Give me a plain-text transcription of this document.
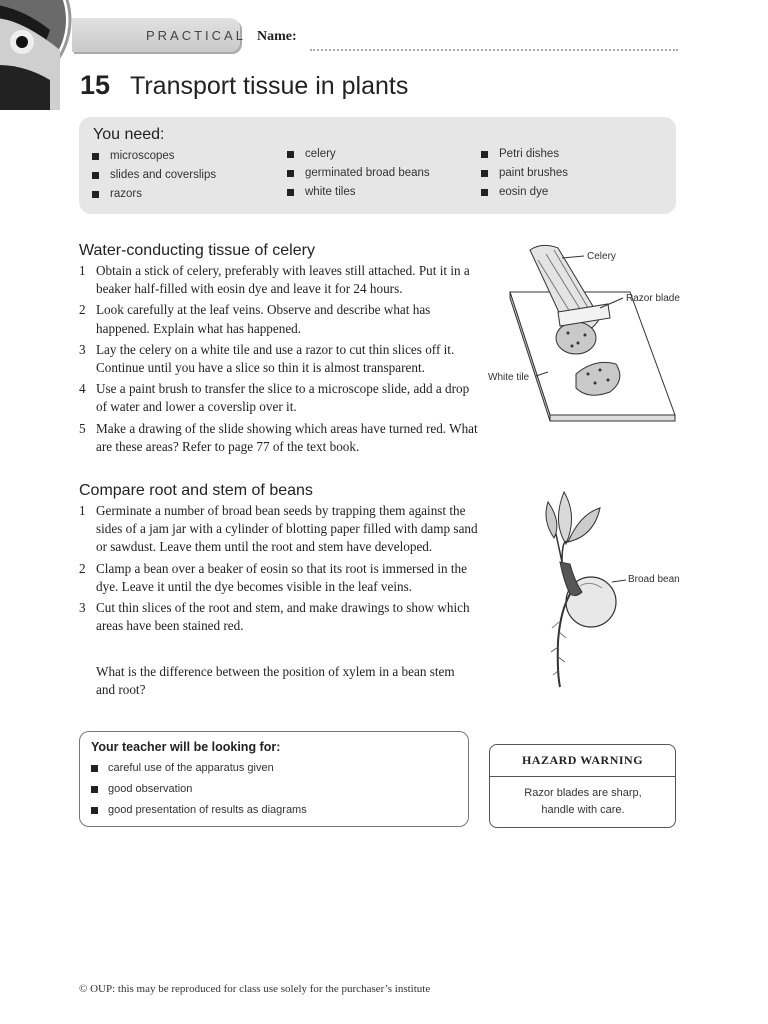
PRACTICAL Name:
15 Transport tissue in plants
You need:
microscopes
slides and coverslips
razors
celery
germinated broad beans
white tiles
Petri dishes
paint brushes
eosin dye
Water-conducting tissue of celery
1 Obtain a stick of celery, preferably with leaves still attached. Put it in a beaker half-filled with eosin dye and leave it for 24 hours.
2 Look carefully at the leaf veins. Observe and describe what has happened. Explain what has happened.
3 Lay the celery on a white tile and use a razor to cut thin slices off it. Continue until you have a slice so thin it is almost transparent.
4 Use a paint brush to transfer the slice to a microscope slide, add a drop of water and lower a coverslip over it.
5 Make a drawing of the slide showing which areas have turned red. What are these areas? Refer to page 77 of the text book.
Celery
Razor blade
White tile
Compare root and stem of beans
1 Germinate a number of broad bean seeds by trapping them against the sides of a jam jar with a cylinder of blotting paper filled with damp sand or sawdust. Leave them until the root and stem have developed.
2 Clamp a bean over a beaker of eosin so that its root is immersed in the dye. Leave it until the dye becomes visible in the leaf veins.
3 Cut thin slices of the root and stem, and make drawings to show which areas have been stained red.
What is the difference between the position of xylem in a bean stem and root?
Broad bean
Your teacher will be looking for:
careful use of the apparatus given
good observation
good presentation of results as diagrams
HAZARD WARNING
Razor blades are sharp,
handle with care.
© OUP: this may be reproduced for class use solely for the purchaser’s institute
